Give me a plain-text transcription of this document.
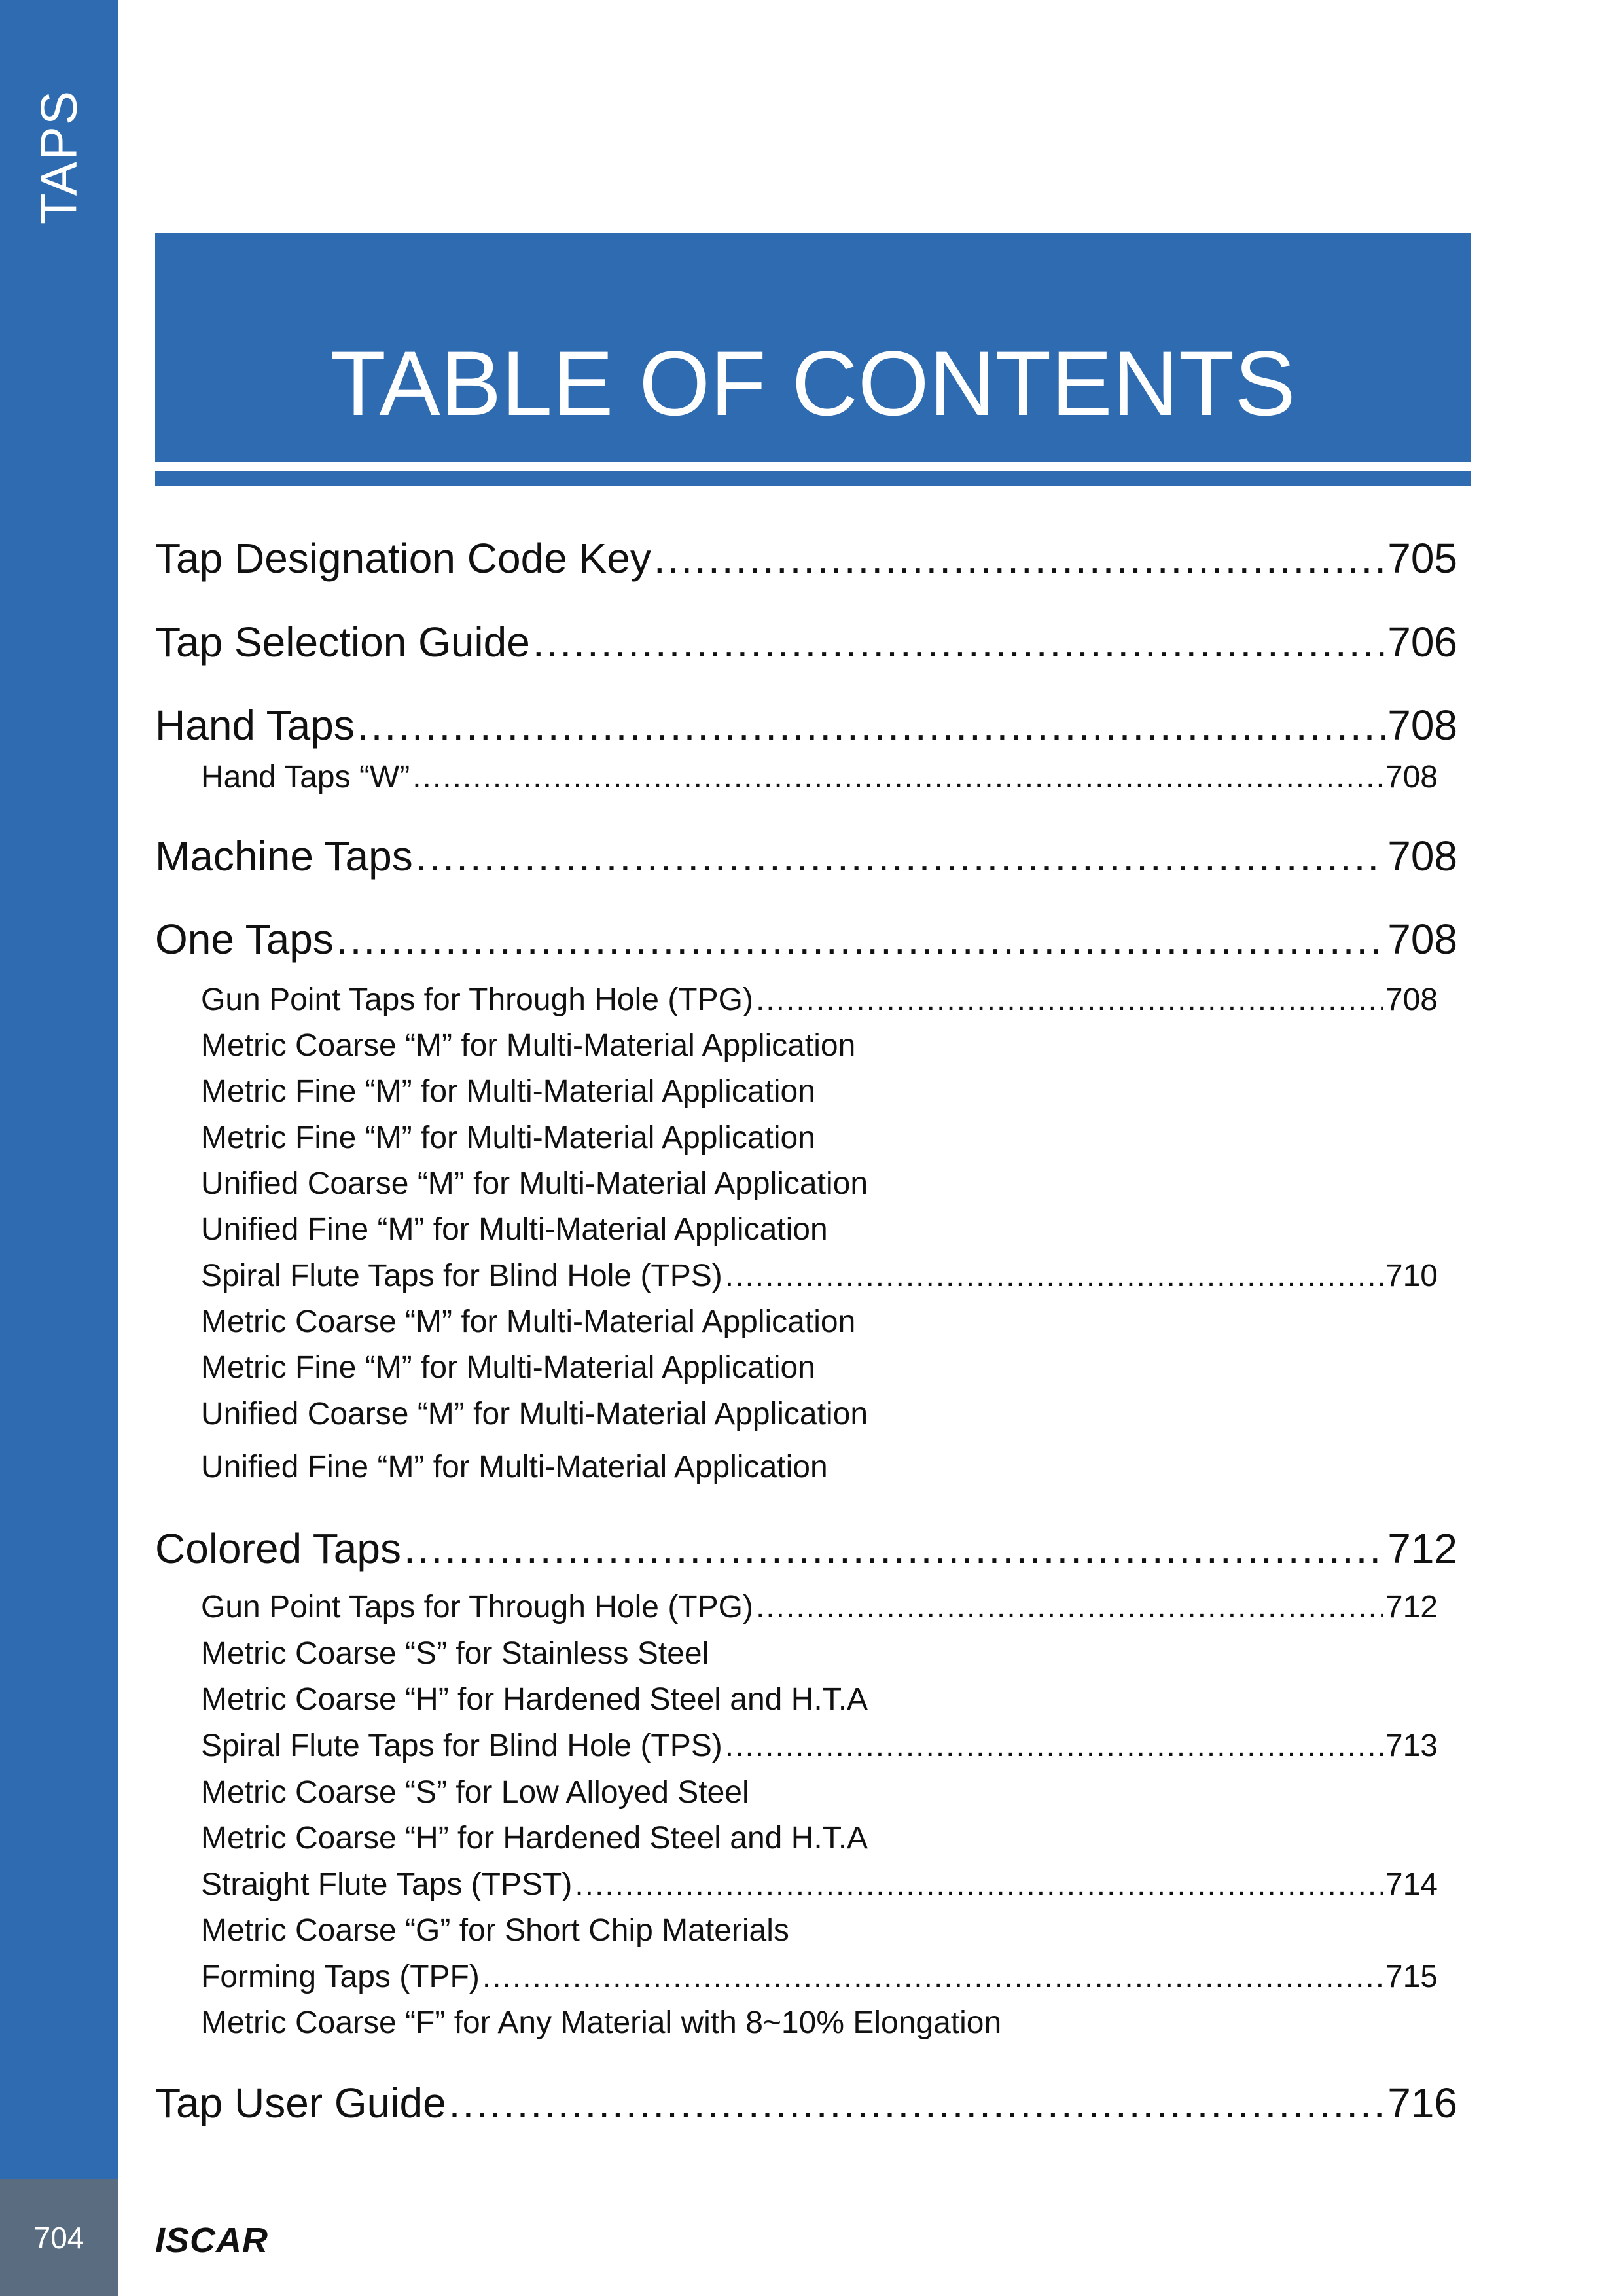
TAPS
704	ISCAR
TABLE OF CONTENTS
Tap Designation Code Key .....	705
Tap Selection Guide .....	706
Hand Taps .....	708
Hand Taps “W” .....	708
Machine Taps .....	708
One Taps .....	708
Gun Point Taps for Through Hole (TPG) .....	708
Metric Coarse “M” for Multi-Material Application
Metric Fine “M” for Multi-Material Application
Metric Fine “M” for Multi-Material Application
Unified Coarse “M” for Multi-Material Application
Unified Fine “M” for Multi-Material Application
Spiral Flute Taps for Blind Hole (TPS) .....	710
Metric Coarse “M” for Multi-Material Application
Metric Fine “M” for Multi-Material Application
Unified Coarse “M” for Multi-Material Application
Unified Fine “M” for Multi-Material Application
Colored Taps .....	712
Gun Point Taps for Through Hole (TPG) .....	712
Metric Coarse “S” for Stainless Steel
Metric Coarse “H” for Hardened Steel and H.T.A
Spiral Flute Taps for Blind Hole (TPS) .....	713
Metric Coarse “S” for Low Alloyed Steel
Metric Coarse “H” for Hardened Steel and H.T.A
Straight Flute Taps (TPST) .....	714
Metric Coarse “G” for Short Chip Materials
Forming Taps (TPF) .....	715
Metric Coarse “F” for Any Material with 8~10% Elongation
Tap User Guide .....	716
